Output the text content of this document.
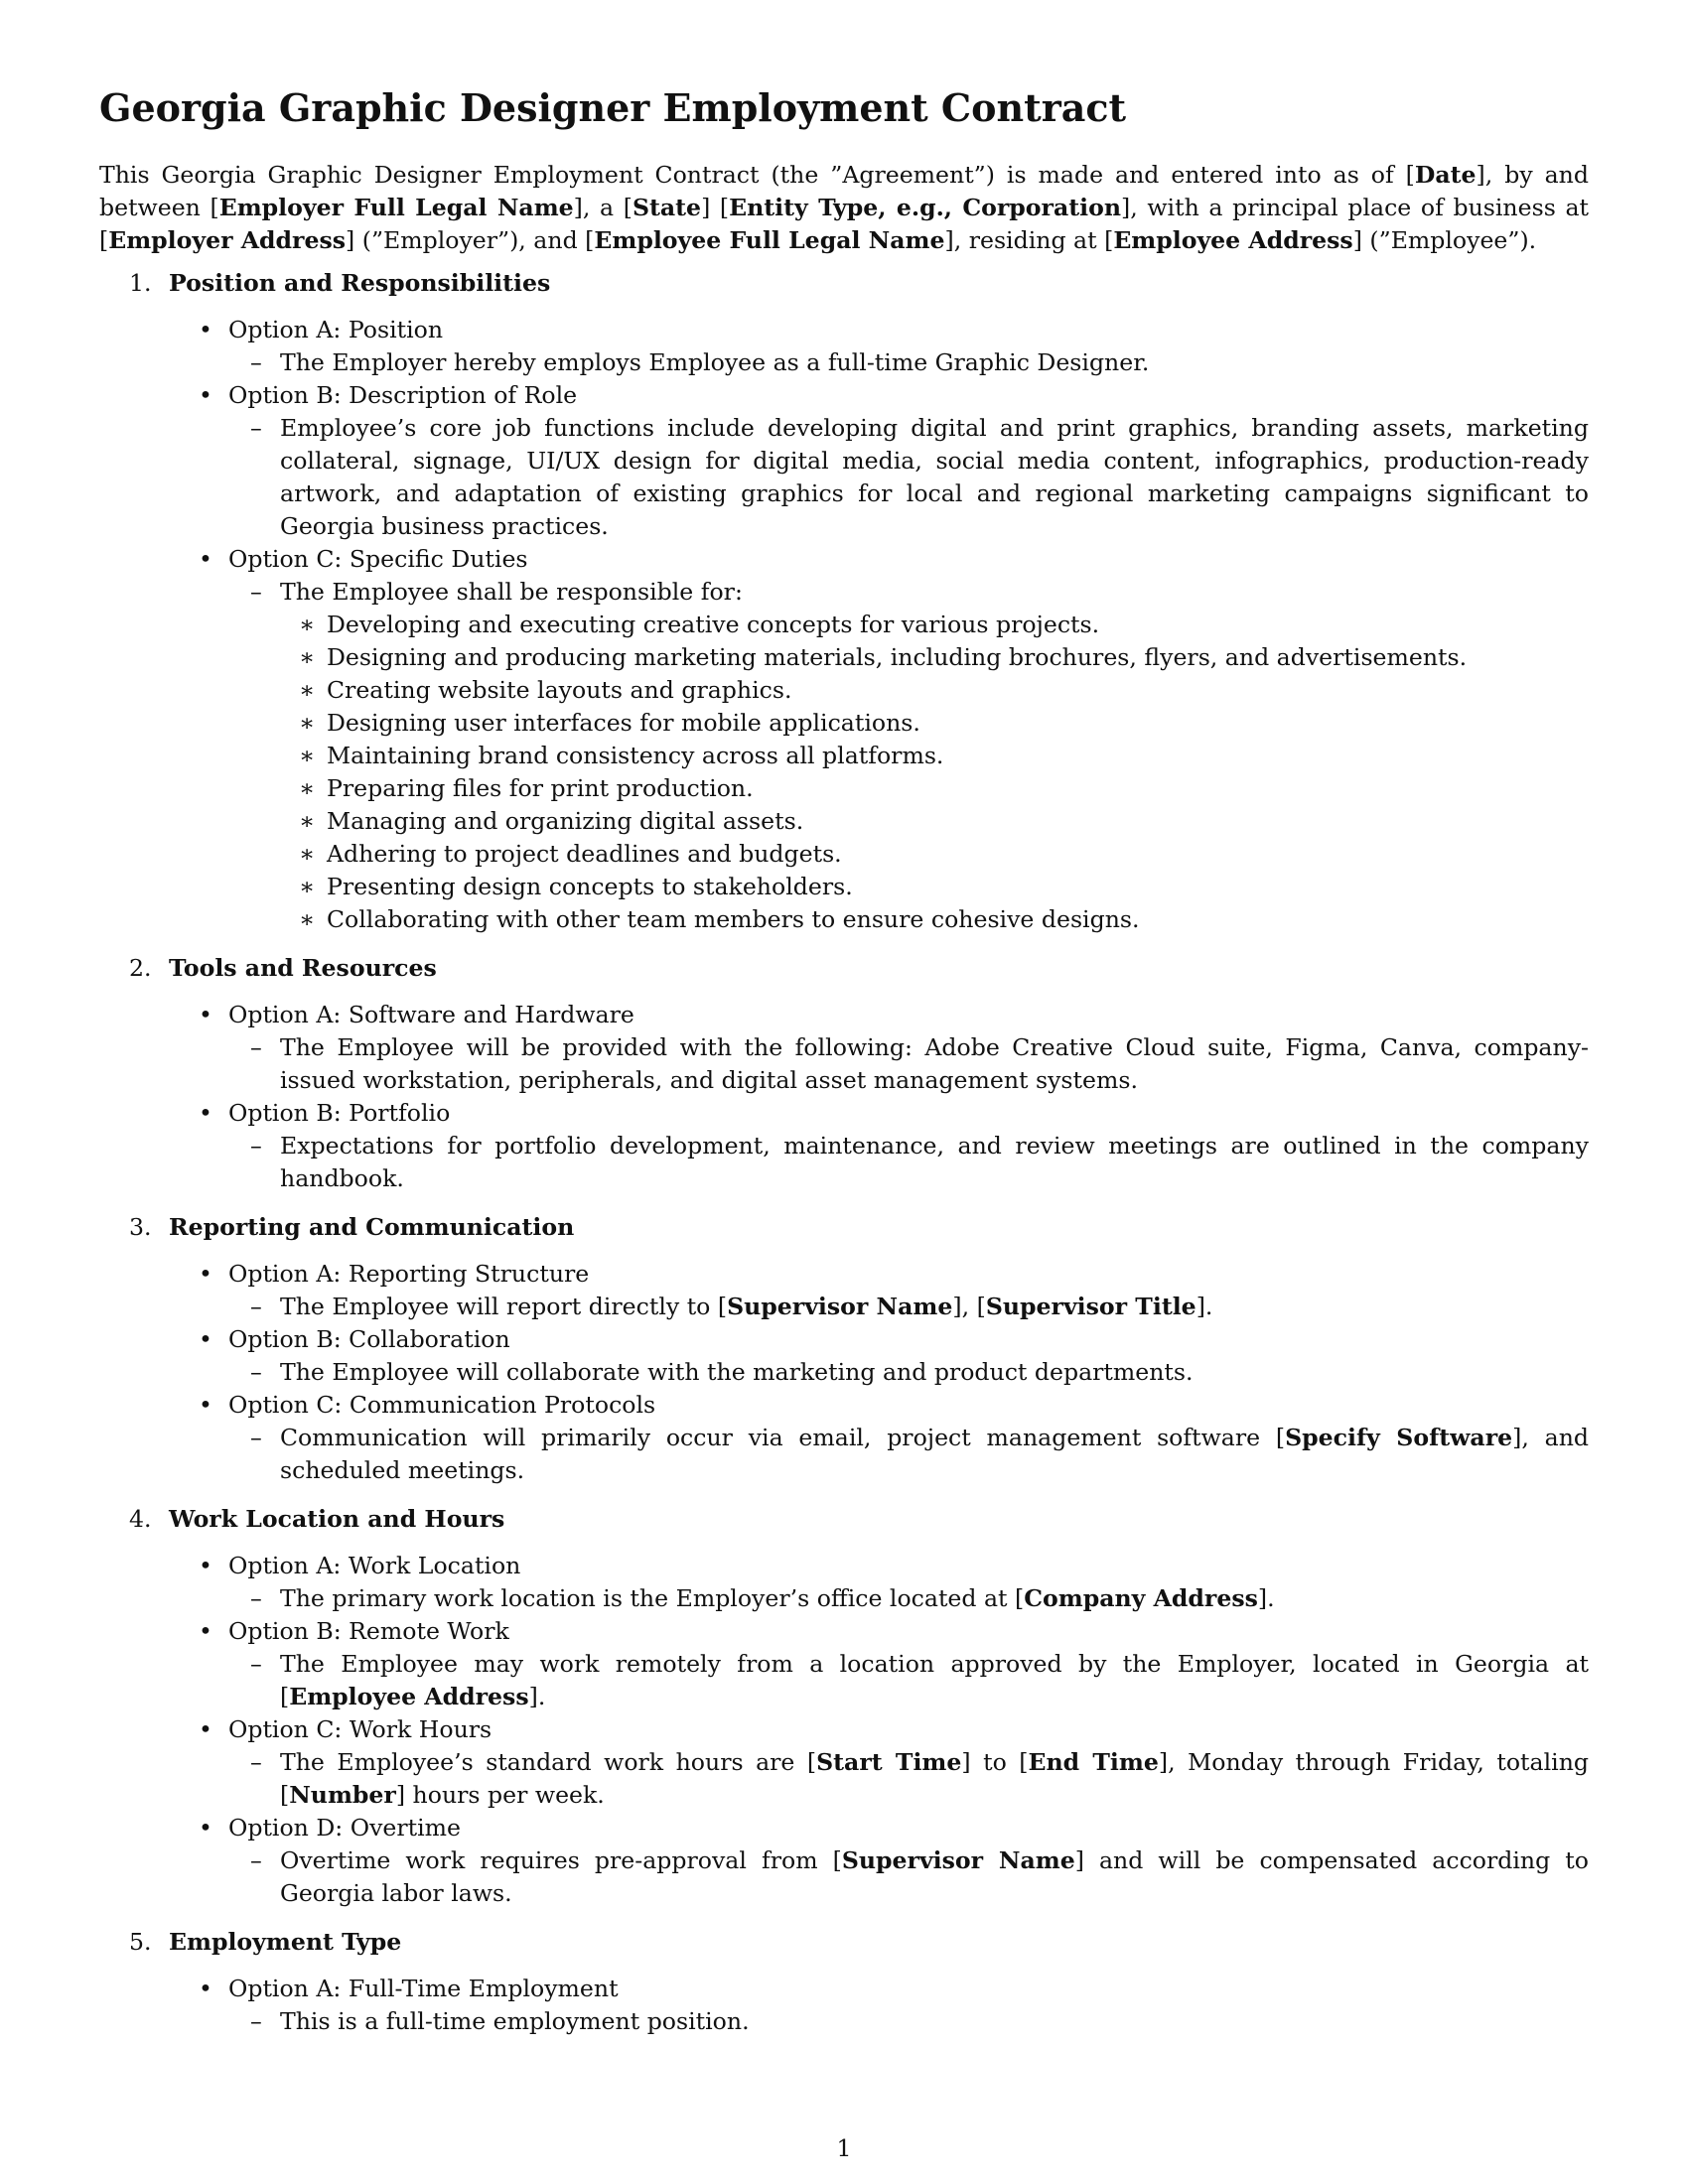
Georgia Graphic Designer Employment Contract

This Georgia Graphic Designer Employment Contract (the ”Agreement”) is made and entered into as of [Date], by and between [Employer Full Legal Name], a [State] [Entity Type, e.g., Corporation], with a principal place of business at [Employer Address] (”Employer”), and [Employee Full Legal Name], residing at [Employee Address] (”Employee”).

1. Position and Responsibilities
• Option A: Position
– The Employer hereby employs Employee as a full-time Graphic Designer.
• Option B: Description of Role
– Employee’s core job functions include developing digital and print graphics, branding assets, marketing collateral, signage, UI/UX design for digital media, social media content, infographics, production-ready artwork, and adaptation of existing graphics for local and regional marketing campaigns significant to Georgia business practices.
• Option C: Specific Duties
– The Employee shall be responsible for:
∗ Developing and executing creative concepts for various projects.
∗ Designing and producing marketing materials, including brochures, flyers, and advertisements.
∗ Creating website layouts and graphics.
∗ Designing user interfaces for mobile applications.
∗ Maintaining brand consistency across all platforms.
∗ Preparing files for print production.
∗ Managing and organizing digital assets.
∗ Adhering to project deadlines and budgets.
∗ Presenting design concepts to stakeholders.
∗ Collaborating with other team members to ensure cohesive designs.
2. Tools and Resources
• Option A: Software and Hardware
– The Employee will be provided with the following: Adobe Creative Cloud suite, Figma, Canva, company-issued workstation, peripherals, and digital asset management systems.
• Option B: Portfolio
– Expectations for portfolio development, maintenance, and review meetings are outlined in the company handbook.
3. Reporting and Communication
• Option A: Reporting Structure
– The Employee will report directly to [Supervisor Name], [Supervisor Title].
• Option B: Collaboration
– The Employee will collaborate with the marketing and product departments.
• Option C: Communication Protocols
– Communication will primarily occur via email, project management software [Specify Software], and scheduled meetings.
4. Work Location and Hours
• Option A: Work Location
– The primary work location is the Employer’s office located at [Company Address].
• Option B: Remote Work
– The Employee may work remotely from a location approved by the Employer, located in Georgia at [Employee Address].
• Option C: Work Hours
– The Employee’s standard work hours are [Start Time] to [End Time], Monday through Friday, totaling [Number] hours per week.
• Option D: Overtime
– Overtime work requires pre-approval from [Supervisor Name] and will be compensated according to Georgia labor laws.
5. Employment Type
• Option A: Full-Time Employment
– This is a full-time employment position.
1
